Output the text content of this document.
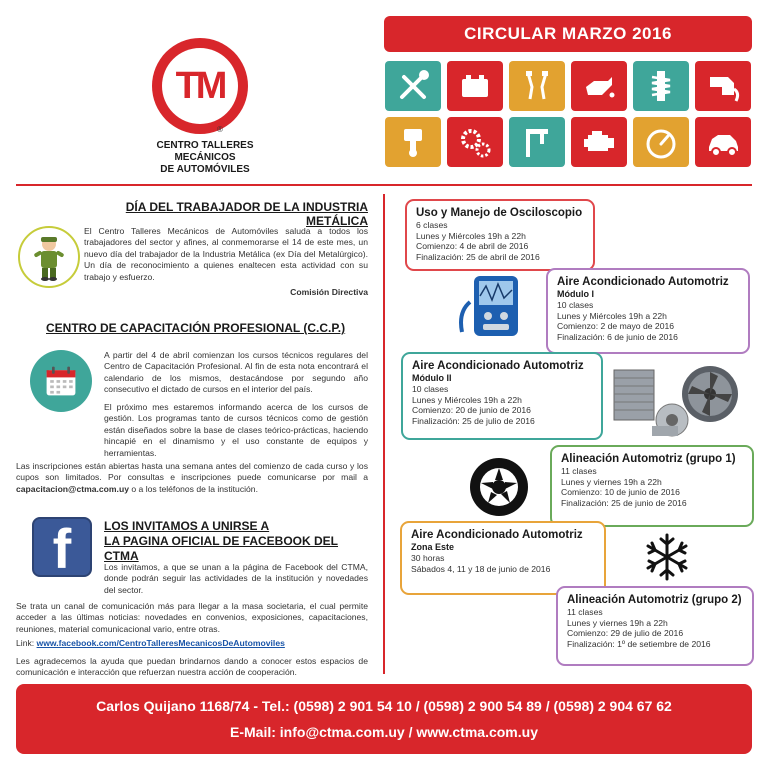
TM
®
CENTRO TALLERES MECÁNICOS
DE AUTOMÓVILES
CIRCULAR MARZO 2016
DÍA DEL TRABAJADOR DE LA INDUSTRIA METÁLICA

El Centro Talleres Mecánicos de Automóviles saluda a todos los trabajadores del sector y afines, al conmemorarse el 14 de este mes, un nuevo día del trabajador de la Industria Metálica (ex Día del Metalúrgico). Un día de reconocimiento a quienes enaltecen esta actividad con su trabajo y esfuerzo.

Comisión Directiva

CENTRO DE CAPACITACIÓN PROFESIONAL (C.C.P.)

A partir del 4 de abril comienzan los cursos técnicos regulares del Centro de Capacitación Profesional. Al fin de esta nota encontrará el calendario de los mismos, destacándose por segundo año consecutivo el dictado de cursos en el interior del país.

El próximo mes estaremos informando acerca de los cursos de gestión. Los programas tanto de cursos técnicos como de gestión están diseñados sobre la base de clases teórico-prácticas, haciendo hincapié en el dinamismo y el uso constante de equipos y herramientas.

Las inscripciones están abiertas hasta una semana antes del comienzo de cada curso y los cupos son limitados. Por consultas e inscripciones puede comunicarse por mail a capacitacion@ctma.com.uy o a los teléfonos de la institución.

f	LOS INVITAMOS A UNIRSE A
LA PAGINA OFICIAL DE FACEBOOK DEL CTMA

Los invitamos, a que se unan a la página de Facebook del CTMA, donde podrán seguir las actividades de la institución y novedades del sector.

Se trata un canal de comunicación más para llegar a la masa societaria, el cual permite acceder a las últimas noticias: novedades en convenios, exposiciones, capacitaciones, reuniones, material comunicacional vario, entre otras.

Link: www.facebook.com/CentroTalleresMecanicosDeAutomoviles

Les agradecemos la ayuda que puedan brindarnos dando a conocer estos espacios de comunicación e interacción que refuerzan nuestra acción de cooperación.

Uso y Manejo de Osciloscopio
6 clases
Lunes y Miércoles 19h a 22h
Comienzo: 4 de abril de 2016
Finalización: 25 de abril de 2016
Aire Acondicionado Automotriz
Módulo I
10 clases
Lunes y Miércoles 19h a 22h
Comienzo: 2 de mayo de 2016
Finalización: 6 de junio de 2016
Aire Acondicionado Automotriz
Módulo II
10 clases
Lunes y Miércoles 19h a 22h
Comienzo: 20 de junio de 2016
Finalización: 25 de julio de 2016
Alineación Automotriz (grupo 1)
11 clases
Lunes y viernes 19h a 22h
Comienzo: 10 de junio de 2016
Finalización: 25 de junio de 2016
Aire Acondicionado Automotriz
Zona Este
30 horas
Sábados 4, 11 y 18 de junio de 2016
Alineación Automotriz (grupo 2)
11 clases
Lunes y viernes 19h a 22h
Comienzo: 29 de julio de 2016
Finalización: 1º de setiembre de 2016
Carlos Quijano 1168/74 - Tel.: (0598) 2 901 54 10 / (0598) 2 900 54 89 / (0598) 2 904 67 62
E-Mail: info@ctma.com.uy / www.ctma.com.uy
